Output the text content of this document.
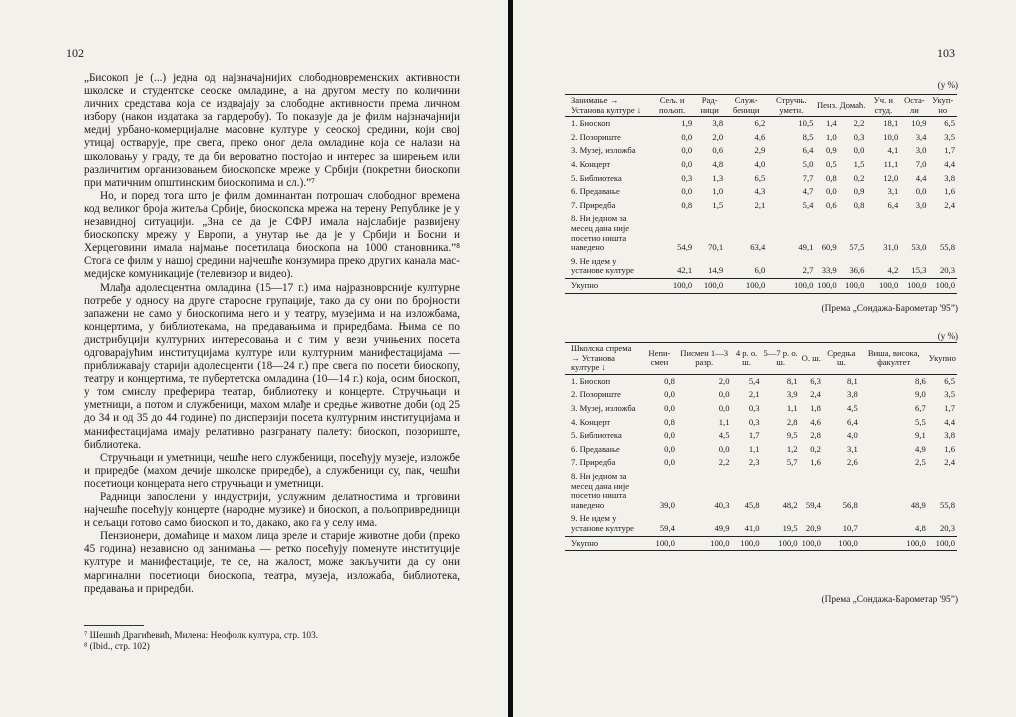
102

„Бисокоп је (...) једна од најзначајнијих слободновременских активности школске и студентске сеоске омладине, а на другом месту по количини личних средстава која се издвајају за слободне активности према личном избору (након издатака за гардеробу). То показује да је филм најзначајнији медиј урбано-комерцијалне масовне културе у сеоској средини, који свој утицај остварује, пре свега, преко оног дела омладине која се налази на школовању у граду, те да би вероватно постојао и интерес за ширењем или различитим организовањем биоскопске мреже у Србији (покретни биоскопи при матичним општинским биоскопима и сл.).”⁷

Но, и поред тога што је филм доминантан потрошач слободног времена код великог броја житеља Србије, биоскопска мрежа на терену Републике је у незавидној ситуацији. „Зна се да је СФРЈ имала најслабије развијену биоскопску мрежу у Европи, а унутар ње да је у Србији и Босни и Херцеговини имала најмање посетилаца биоскопа на 1000 становника.”⁸ Стога се филм у нашој средини најчешће конзумира преко других канала мас-медијске комуникације (телевизор и видео).

Млађа адолесцентна омладина (15—17 г.) има најразноврсније културне потребе у односу на друге старосне групације, тако да су они по бројности запажени не само у биоскопима него и у театру, музејима и на изложбама, концертима, у библиотекама, на предавањима и приредбама. Њима се по дистрибуцији културних интересовања и с тим у вези учињених посета одговарајућим институцијама културе или културним манифестацијама — приближавају старији адолесценти (18—24 г.) пре свега по посети биоскопу, театру и концертима, те пубертетска омладина (10—14 г.) која, осим биоскоп, у том смислу преферира театар, библиотеку и концерте. Стручњаци и уметници, а потом и службеници, махом млађе и средње животне доби (од 25 до 34 и од 35 до 44 годинe) по дисперзији посета културним институцијама и манифестацијама имају релативно разгранату палету: биоскоп, позориште, библиотека.

Стручњаци и уметници, чешће него службеници, посећују музеје, изложбе и приредбе (махом дечије школске приредбе), а службеници су, пак, чешћи посетиоци концерата него стручњаци и уметници.

Радници запослени у индустрији, услужним делатностима и трговини најчешће посећују концерте (народне музике) и биоскоп, а пољопривредници и сељаци готово само биоскоп и то, дакако, ако га у селу има.

Пензионери, домаћице и махом лица зреле и старије животне доби (преко 45 година) независно од занимања — ретко посећују поменуте институције културе и манифестације, те се, на жалост, може закључити да су они маргинални посетиоци биоскопа, театра, музеја, изложаба, библиотека, предавања и приредби.

⁷ Шешић Драгићевић, Милена: Неофолк култура, стр. 103.
⁸ (Ibid., стр. 102)
103
(у %)
Занимање → Установа културе ↓	Сељ. и пољоп.	Рад-ници	Служ-беници	Стручњ. уметн.	Пенз.	Домаћ.	Уч. и студ.	Оста-ли	Укуп-но
1. Биоскоп	1,9	3,8	6,2	10,5	1,4	2,2	18,1	10,9	6,5
2. Позориште	0,0	2,0	4,6	8,5	1,0	0,3	10,0	3,4	3,5
3. Музеј, изложба	0,0	0,6	2,9	6,4	0,9	0,0	4,1	3,0	1,7
4. Концерт	0,0	4,8	4,0	5,0	0,5	1,5	11,1	7,0	4,4
5. Библиотека	0,3	1,3	6,5	7,7	0,8	0,2	12,0	4,4	3,8
6. Предавање	0,0	1,0	4,3	4,7	0,0	0,9	3,1	0,0	1,6
7. Приредба	0,8	1,5	2,1	5,4	0,6	0,8	6,4	3,0	2,4
8. Ни једном за месец дана није посетио ништа наведено	54,9	70,1	63,4	49,1	60,9	57,5	31,0	53,0	55,8
9. Не идем у установе културе	42,1	14,9	6,0	2,7	33,9	36,6	4,2	15,3	20,3
Укупно	100,0	100,0	100,0	100,0	100,0	100,0	100,0	100,0	100,0
(Према „Сондажа-Барометар '95”)
(у %)
Школска спрема → Установа културе ↓	Непи-смен	Писмен 1—3 разр.	4 р. о. ш.	5—7 р. о. ш.	О. ш.	Средња ш.	Виша, висока, факултет	Укупно
1. Биоскоп	0,8	2,0	5,4	8,1	6,3	8,1	8,6	6,5
2. Позориште	0,0	0,0	2,1	3,9	2,4	3,8	9,0	3,5
3. Музеј, изложба	0,0	0,0	0,3	1,1	1,8	4,5	6,7	1,7
4. Концерт	0,8	1,1	0,3	2,8	4,6	6,4	5,5	4,4
5. Библиотека	0,0	4,5	1,7	9,5	2,8	4,0	9,1	3,8
6. Предавање	0,0	0,0	1,1	1,2	0,2	3,1	4,9	1,6
7. Приредба	0,0	2,2	2,3	5,7	1,6	2,6	2,5	2,4
8. Ни једном за месец дана није посетио ништа наведено	39,0	40,3	45,8	48,2	59,4	56,8	48,9	55,8
9. Не идем у установе културе	59,4	49,9	41,0	19,5	20,9	10,7	4,8	20,3
Укупно	100,0	100,0	100,0	100,0	100,0	100,0	100,0	100,0
(Према „Сондажа-Барометар '95”)
